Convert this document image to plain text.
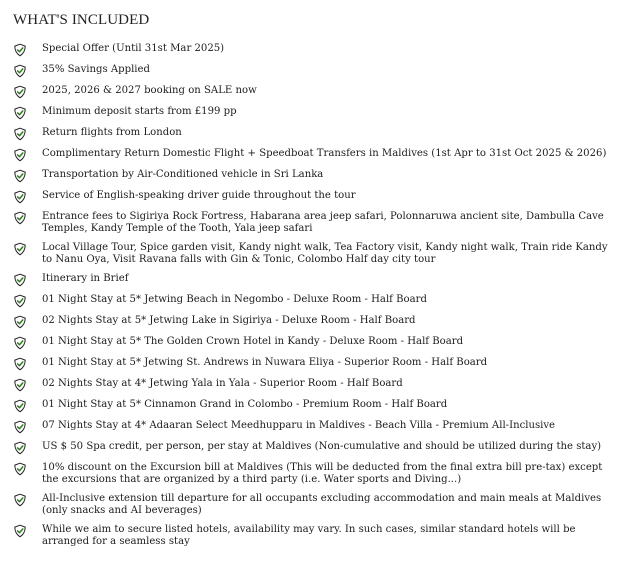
WHAT'S INCLUDED
Special Offer (Until 31st Mar 2025)
35% Savings Applied
2025, 2026 & 2027 booking on SALE now
Minimum deposit starts from £199 pp
Return flights from London
Complimentary Return Domestic Flight + Speedboat Transfers in Maldives (1st Apr to 31st Oct 2025 & 2026)
Transportation by Air-Conditioned vehicle in Sri Lanka
Service of English-speaking driver guide throughout the tour
Entrance fees to Sigiriya Rock Fortress, Habarana area jeep safari, Polonnaruwa ancient site, Dambulla Cave Temples, Kandy Temple of the Tooth, Yala jeep safari
Local Village Tour, Spice garden visit, Kandy night walk, Tea Factory visit, Kandy night walk, Train ride Kandy to Nanu Oya, Visit Ravana falls with Gin & Tonic, Colombo Half day city tour
Itinerary in Brief
01 Night Stay at 5* Jetwing Beach in Negombo - Deluxe Room - Half Board
02 Nights Stay at 5* Jetwing Lake in Sigiriya - Deluxe Room - Half Board
01 Night Stay at 5* The Golden Crown Hotel in Kandy - Deluxe Room - Half Board
01 Night Stay at 5* Jetwing St. Andrews in Nuwara Eliya - Superior Room - Half Board
02 Nights Stay at 4* Jetwing Yala in Yala - Superior Room - Half Board
01 Night Stay at 5* Cinnamon Grand in Colombo - Premium Room - Half Board
07 Nights Stay at 4* Adaaran Select Meedhupparu in Maldives - Beach Villa - Premium All-Inclusive
US $ 50 Spa credit, per person, per stay at Maldives (Non-cumulative and should be utilized during the stay)
10% discount on the Excursion bill at Maldives (This will be deducted from the final extra bill pre-tax) except the excursions that are organized by a third party (i.e. Water sports and Diving...)
All-Inclusive extension till departure for all occupants excluding accommodation and main meals at Maldives (only snacks and AI beverages)
While we aim to secure listed hotels, availability may vary. In such cases, similar standard hotels will be arranged for a seamless stay
